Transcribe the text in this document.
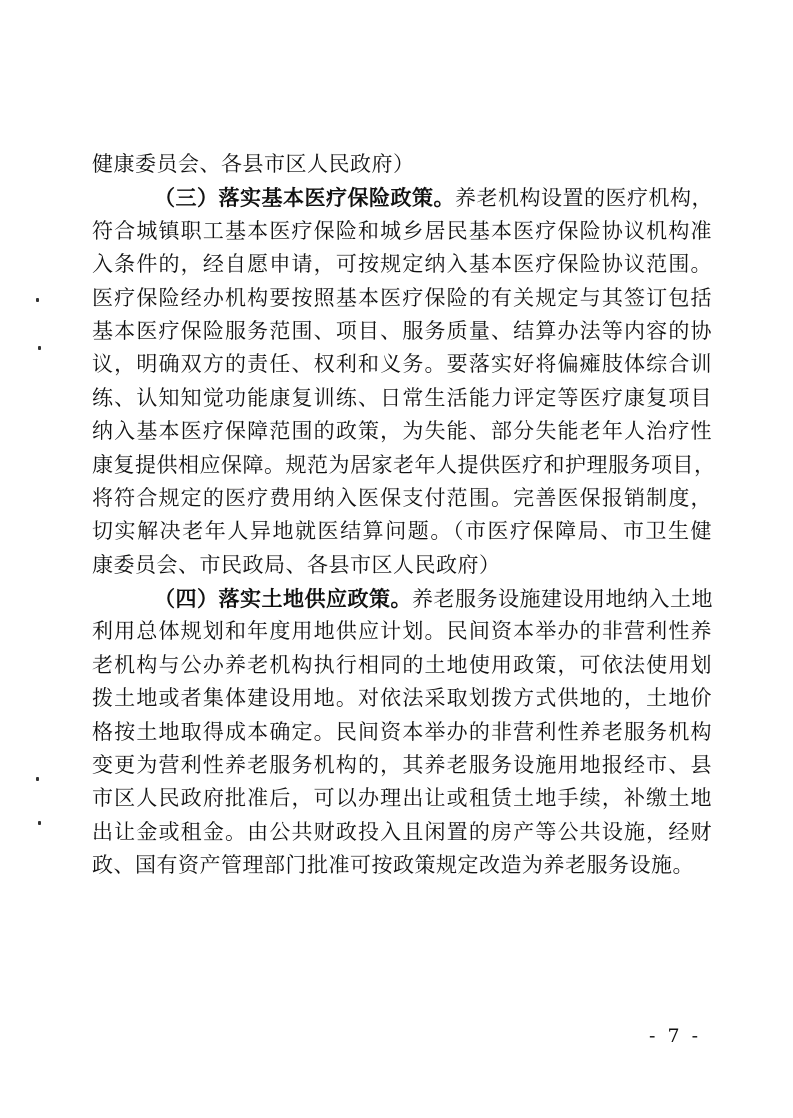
健康委员会、各县市区人民政府）
（三）落实基本医疗保险政策。养老机构设置的医疗机构，
符合城镇职工基本医疗保险和城乡居民基本医疗保险协议机构准
入条件的，经自愿申请，可按规定纳入基本医疗保险协议范围。
医疗保险经办机构要按照基本医疗保险的有关规定与其签订包括
基本医疗保险服务范围、项目、服务质量、结算办法等内容的协
议，明确双方的责任、权利和义务。要落实好将偏瘫肢体综合训
练、认知知觉功能康复训练、日常生活能力评定等医疗康复项目
纳入基本医疗保障范围的政策，为失能、部分失能老年人治疗性
康复提供相应保障。规范为居家老年人提供医疗和护理服务项目，
将符合规定的医疗费用纳入医保支付范围。完善医保报销制度，
切实解决老年人异地就医结算问题。（市医疗保障局、市卫生健
康委员会、市民政局、各县市区人民政府）
（四）落实土地供应政策。养老服务设施建设用地纳入土地
利用总体规划和年度用地供应计划。民间资本举办的非营利性养
老机构与公办养老机构执行相同的土地使用政策，可依法使用划
拨土地或者集体建设用地。对依法采取划拨方式供地的，土地价
格按土地取得成本确定。民间资本举办的非营利性养老服务机构
变更为营利性养老服务机构的，其养老服务设施用地报经市、县
市区人民政府批准后，可以办理出让或租赁土地手续，补缴土地
出让金或租金。由公共财政投入且闲置的房产等公共设施，经财
政、国有资产管理部门批准可按政策规定改造为养老服务设施。
- 7 -
